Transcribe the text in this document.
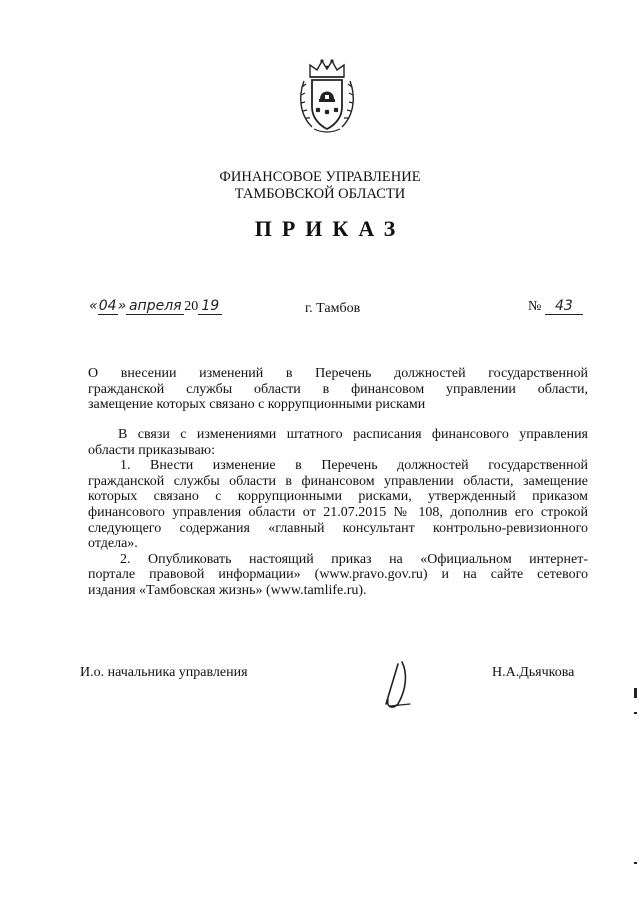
ФИНАНСОВОЕ УПРАВЛЕНИЕ
ТАМБОВСКОЙ ОБЛАСТИ
ПРИКАЗ
«04» апреля 20 19	г. Тамбов	№ 43
О внесении изменений в Перечень должностей государственной
гражданской службы области в финансовом управлении области,
замещение которых связано с коррупционными рисками
В связи с изменениями штатного расписания финансового управления
области приказываю:
1. Внести изменение в Перечень должностей государственной
гражданской службы области в финансовом управлении области, замещение
которых связано с коррупционными рисками, утвержденный приказом
финансового управления области от 21.07.2015 № 108, дополнив его строкой
следующего содержания «главный консультант контрольно-ревизионного
отдела».
2. Опубликовать настоящий приказ на «Официальном интернет-
портале правовой информации» (www.pravo.gov.ru) и на сайте сетевого
издания «Тамбовская жизнь» (www.tamlife.ru).
И.о. начальника управления	Н.А.Дьячкова
